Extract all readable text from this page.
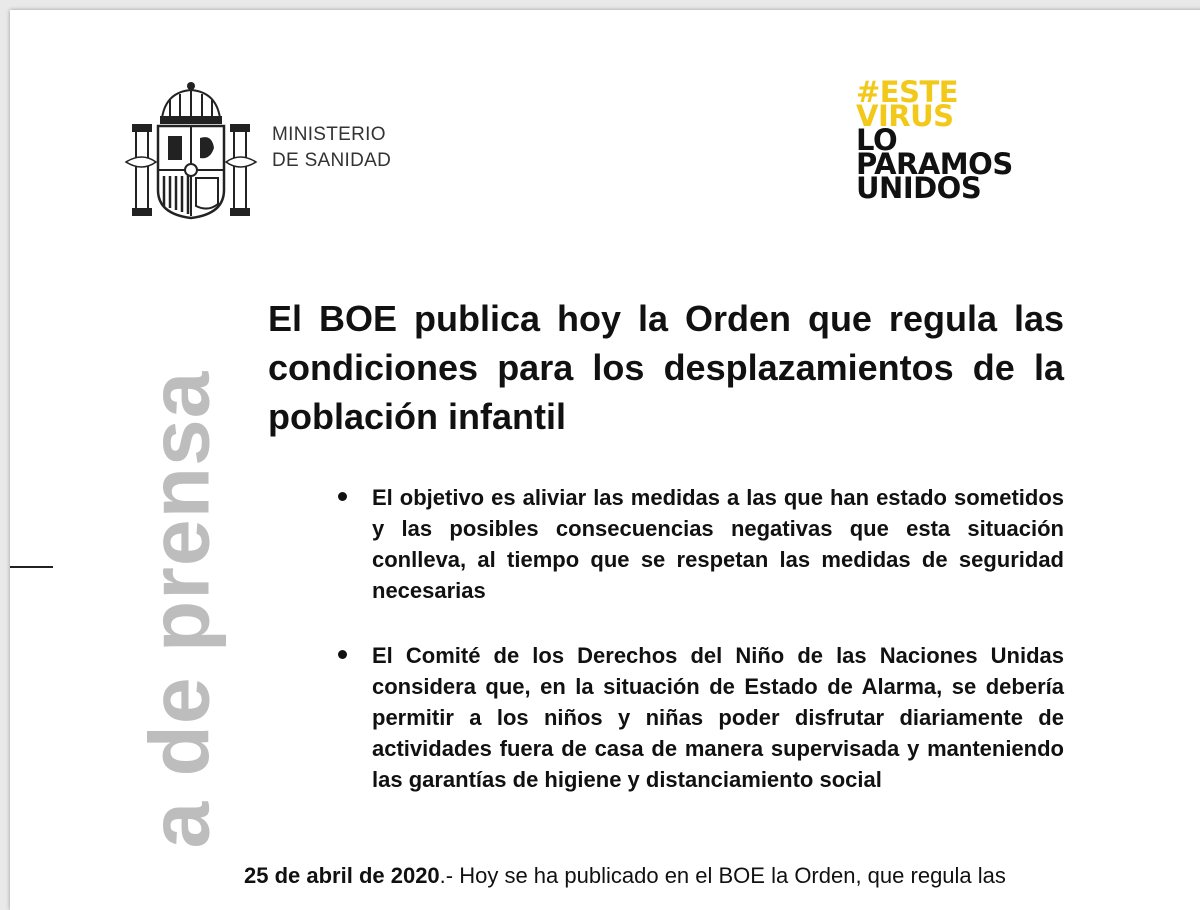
MINISTERIO
DE SANIDAD
#ESTE
VIRUS
LO
PARAMOS
UNIDOS
a de prensa
El BOE publica hoy la Orden que regula las condiciones para los desplazamientos de la población infantil
El objetivo es aliviar las medidas a las que han estado sometidos y las posibles consecuencias negativas que esta situación conlleva, al tiempo que se respetan las medidas de seguridad necesarias
El Comité de los Derechos del Niño de las Naciones Unidas considera que, en la situación de Estado de Alarma, se debería permitir a los niños y niñas poder disfrutar diariamente de actividades fuera de casa de manera supervisada y manteniendo las garantías de higiene y distanciamiento social

25 de abril de 2020.- Hoy se ha publicado en el BOE la Orden, que regula las
